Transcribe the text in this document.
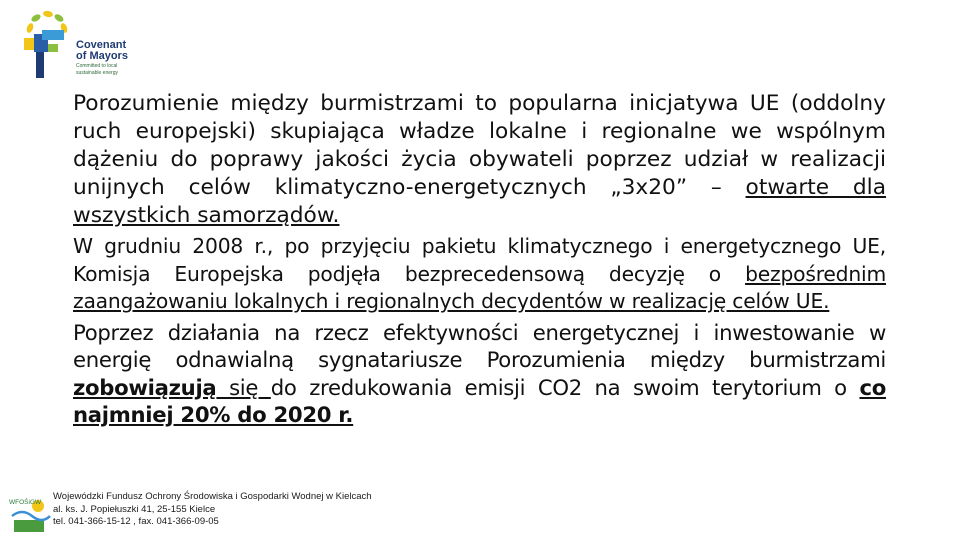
Covenant
of Mayors
Committed to local
sustainable energy

Porozumienie między burmistrzami to popularna inicjatywa UE (oddolny ruch europejski) skupiająca władze lokalne i regionalne we wspólnym dążeniu do poprawy jakości życia obywateli poprzez udział w realizacji unijnych celów klimatyczno-energetycznych „3x20” – otwarte dla wszystkich samorządów.

W grudniu 2008 r., po przyjęciu pakietu klimatycznego i energetycznego UE, Komisja Europejska podjęła bezprecedensową decyzję o bezpośrednim zaangażowaniu lokalnych i regionalnych decydentów w realizację celów UE.

Poprzez działania na rzecz efektywności energetycznej i inwestowanie w energię odnawialną sygnatariusze Porozumienia między burmistrzami zobowiązują się do zredukowania emisji CO2 na swoim terytorium o co najmniej 20% do 2020 r.

WFOŚiGW
Wojewódzki Fundusz Ochrony Środowiska i Gospodarki Wodnej w Kielcach
al. ks. J. Popiełuszki 41, 25-155 Kielce
tel. 041-366-15-12 , fax. 041-366-09-05
